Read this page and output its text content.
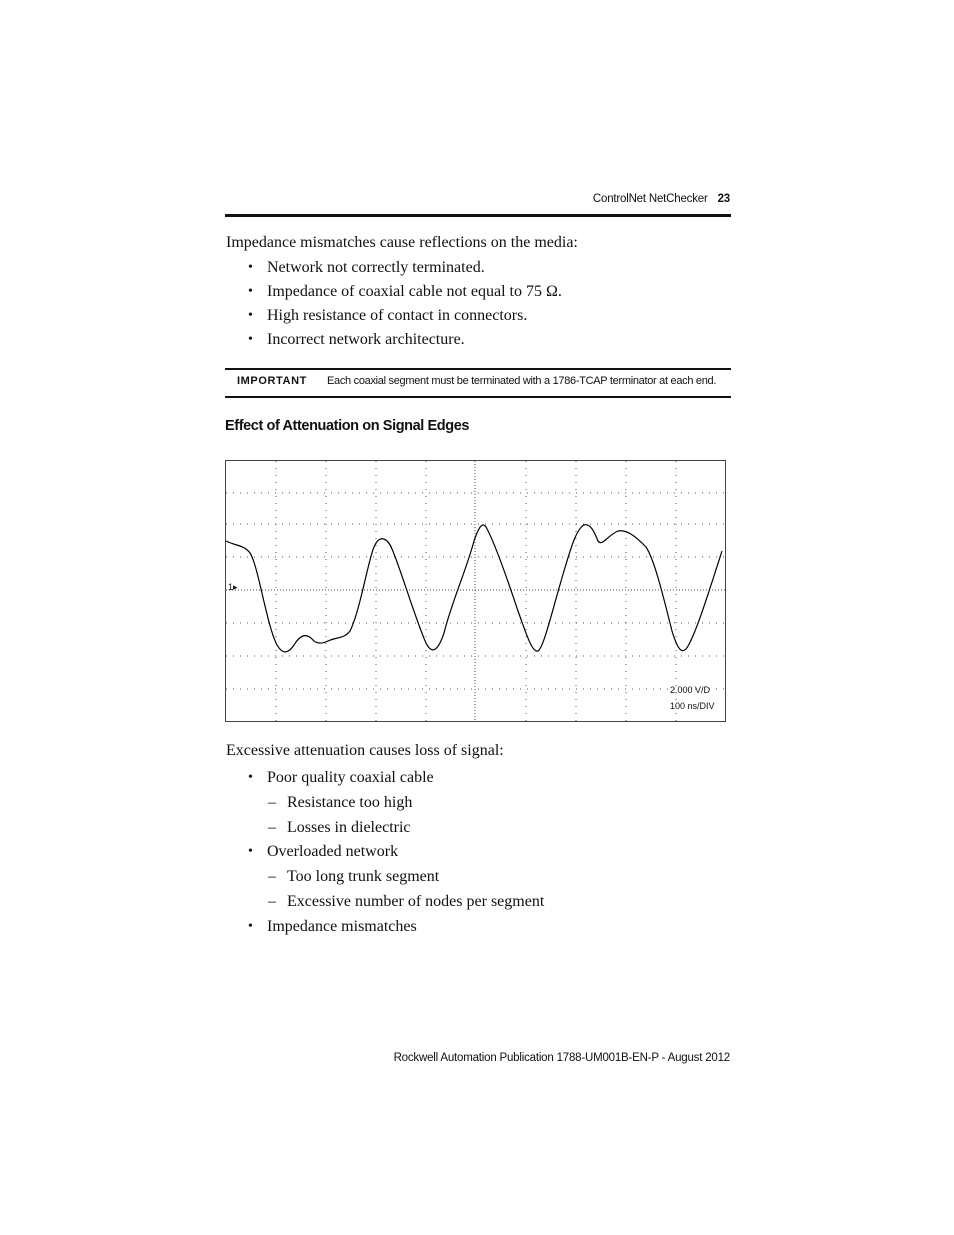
ControlNet NetChecker 23

Impedance mismatches cause reflections on the media:

• Network not correctly terminated.
• Impedance of coaxial cable not equal to 75 Ω.
• High resistance of contact in connectors.
• Incorrect network architecture.
IMPORTANT Each coaxial segment must be terminated with a 1786-TCAP terminator at each end.
Effect of Attenuation on Signal Edges
1▸
2.000 V/D
100 ns/DIV

Excessive attenuation causes loss of signal:

• Poor quality coaxial cable
– Resistance too high
– Losses in dielectric
• Overloaded network
– Too long trunk segment
– Excessive number of nodes per segment
• Impedance mismatches
Rockwell Automation Publication 1788-UM001B-EN-P - August 2012
